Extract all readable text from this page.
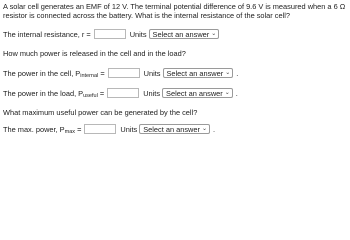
A solar cell generates an EMF of 12 V. The terminal potential difference of 9.6 V is measured when a 6 Ω resistor is connected across the battery. What is the internal resistance of the solar cell?
The internal resistance, r =	Units Select an answer ⌄
How much power is released in the cell and in the load?
The power in the cell, $P_{internal}$ =	Units Select an answer ⌄ .
The power in the load, $P_{useful}$ =	Units Select an answer ⌄ .
What maximum useful power can be generated by the cell?
The max. power, $P_{max}$ =	Units Select an answer ⌄ .
